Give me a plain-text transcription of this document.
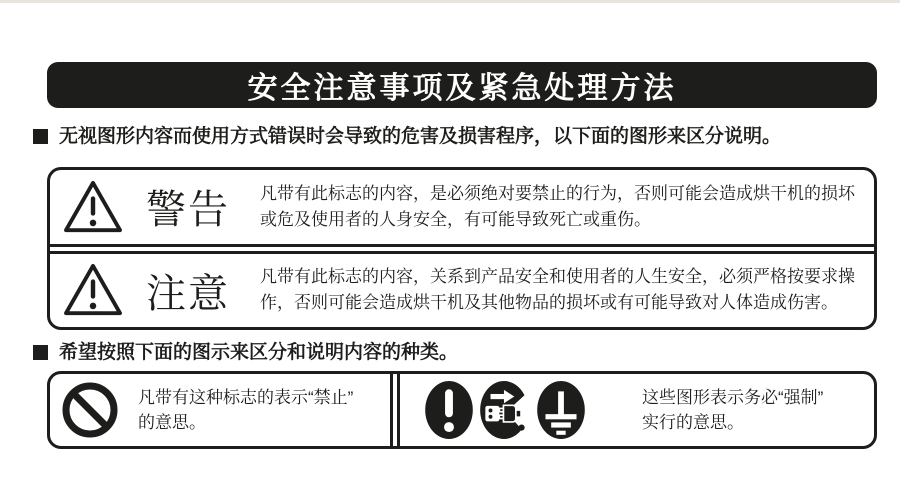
安全注意事项及紧急处理方法
无视图形内容而使用方式错误时会导致的危害及损害程序，以下面的图形来区分说明。
警告	凡带有此标志的内容，是必须绝对要禁止的行为，否则可能会造成烘干机的损坏
或危及使用者的人身安全，有可能导致死亡或重伤。
注意	凡带有此标志的内容，关系到产品安全和使用者的人生安全，必须严格按要求操
作，否则可能会造成烘干机及其他物品的损坏或有可能导致对人体造成伤害。
希望按照下面的图示来区分和说明内容的种类。
凡带有这种标志的表示“禁止”
的意思。
这些图形表示务必“强制”
实行的意思。
